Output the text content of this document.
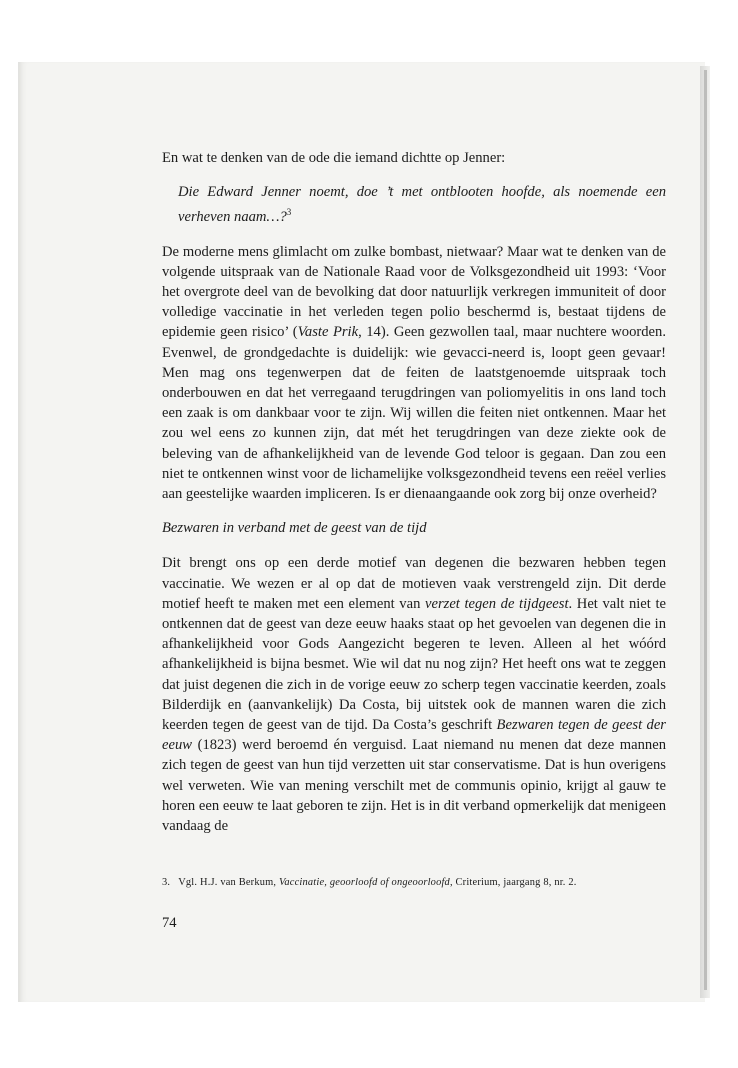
En wat te denken van de ode die iemand dichtte op Jenner:

Die Edward Jenner noemt, doe ’t met ontblooten hoofde, als noemende een verheven naam…?$^3$

De moderne mens glimlacht om zulke bombast, nietwaar? Maar wat te denken van de volgende uitspraak van de Nationale Raad voor de Volksgezondheid uit 1993: ‘Voor het overgrote deel van de bevolking dat door natuurlijk verkregen immuniteit of door volledige vaccinatie in het verleden tegen polio beschermd is, bestaat tijdens de epidemie geen risico’ (Vaste Prik, 14). Geen gezwollen taal, maar nuchtere woorden. Evenwel, de grondgedachte is duidelijk: wie gevacci-neerd is, loopt geen gevaar! Men mag ons tegenwerpen dat de feiten de laatstgenoemde uitspraak toch onderbouwen en dat het verregaand terugdringen van poliomyelitis in ons land toch een zaak is om dankbaar voor te zijn. Wij willen die feiten niet ontkennen. Maar het zou wel eens zo kunnen zijn, dat mét het terugdringen van deze ziekte ook de beleving van de afhankelijkheid van de levende God teloor is gegaan. Dan zou een niet te ontkennen winst voor de lichamelijke volksgezondheid tevens een reëel verlies aan geestelijke waarden impliceren. Is er dienaangaande ook zorg bij onze overheid?

Bezwaren in verband met de geest van de tijd

Dit brengt ons op een derde motief van degenen die bezwaren hebben tegen vaccinatie. We wezen er al op dat de motieven vaak verstrengeld zijn. Dit derde motief heeft te maken met een element van verzet tegen de tijdgeest. Het valt niet te ontkennen dat de geest van deze eeuw haaks staat op het gevoelen van degenen die in afhankelijkheid voor Gods Aangezicht begeren te leven. Alleen al het wóórd afhankelijkheid is bijna besmet. Wie wil dat nu nog zijn? Het heeft ons wat te zeggen dat juist degenen die zich in de vorige eeuw zo scherp tegen vaccinatie keerden, zoals Bilderdijk en (aanvankelijk) Da Costa, bij uitstek ook de mannen waren die zich keerden tegen de geest van de tijd. Da Costa’s geschrift Bezwaren tegen de geest der eeuw (1823) werd beroemd én verguisd. Laat niemand nu menen dat deze mannen zich tegen de geest van hun tijd verzetten uit star conservatisme. Dat is hun overigens wel verweten. Wie van mening verschilt met de communis opinio, krijgt al gauw te horen een eeuw te laat geboren te zijn. Het is in dit verband opmerkelijk dat menigeen vandaag de

3. Vgl. H.J. van Berkum, Vaccinatie, geoorloofd of ongeoorloofd, Criterium, jaargang 8, nr. 2.
74
